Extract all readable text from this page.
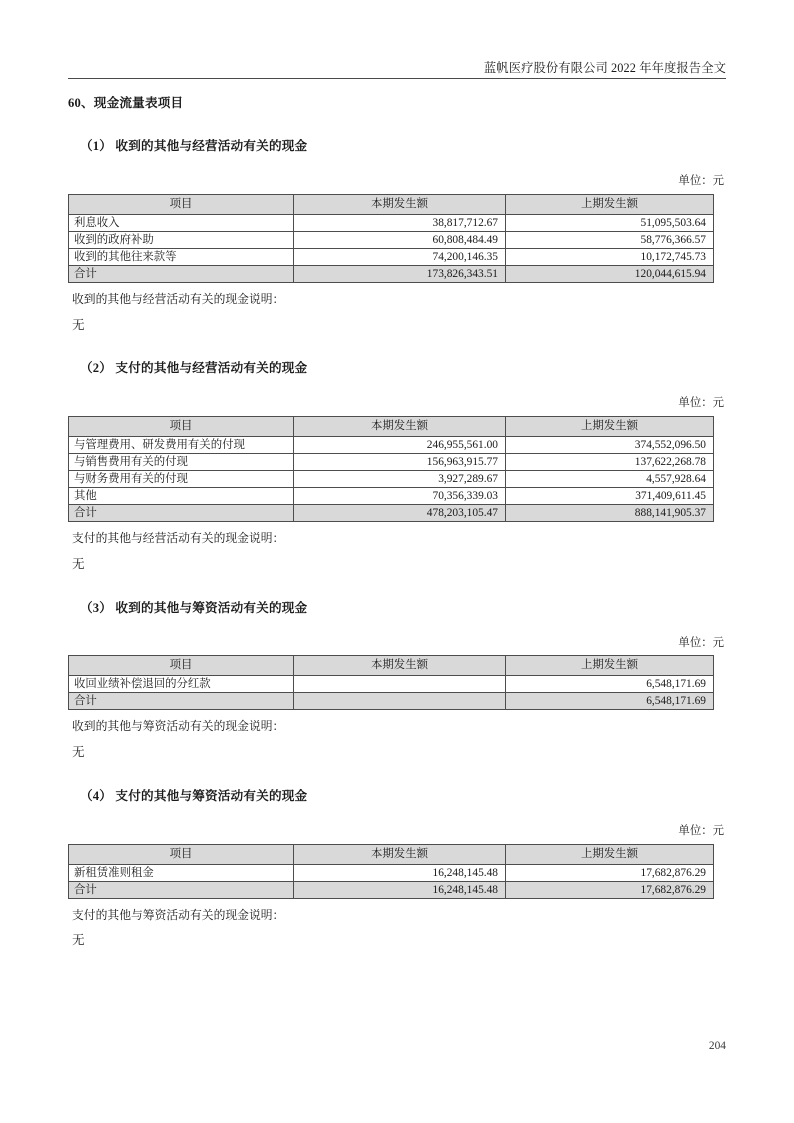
蓝帆医疗股份有限公司 2022 年年度报告全文
60、现金流量表项目
（1） 收到的其他与经营活动有关的现金
单位：元
项目	本期发生额	上期发生额
利息收入	38,817,712.67	51,095,503.64
收到的政府补助	60,808,484.49	58,776,366.57
收到的其他往来款等	74,200,146.35	10,172,745.73
合计	173,826,343.51	120,044,615.94
收到的其他与经营活动有关的现金说明：
无
（2） 支付的其他与经营活动有关的现金
单位：元
项目	本期发生额	上期发生额
与管理费用、研发费用有关的付现	246,955,561.00	374,552,096.50
与销售费用有关的付现	156,963,915.77	137,622,268.78
与财务费用有关的付现	3,927,289.67	4,557,928.64
其他	70,356,339.03	371,409,611.45
合计	478,203,105.47	888,141,905.37
支付的其他与经营活动有关的现金说明：
无
（3） 收到的其他与筹资活动有关的现金
单位：元
项目	本期发生额	上期发生额
收回业绩补偿退回的分红款		6,548,171.69
合计		6,548,171.69
收到的其他与筹资活动有关的现金说明：
无
（4） 支付的其他与筹资活动有关的现金
单位：元
项目	本期发生额	上期发生额
新租赁准则租金	16,248,145.48	17,682,876.29
合计	16,248,145.48	17,682,876.29
支付的其他与筹资活动有关的现金说明：
无
204
